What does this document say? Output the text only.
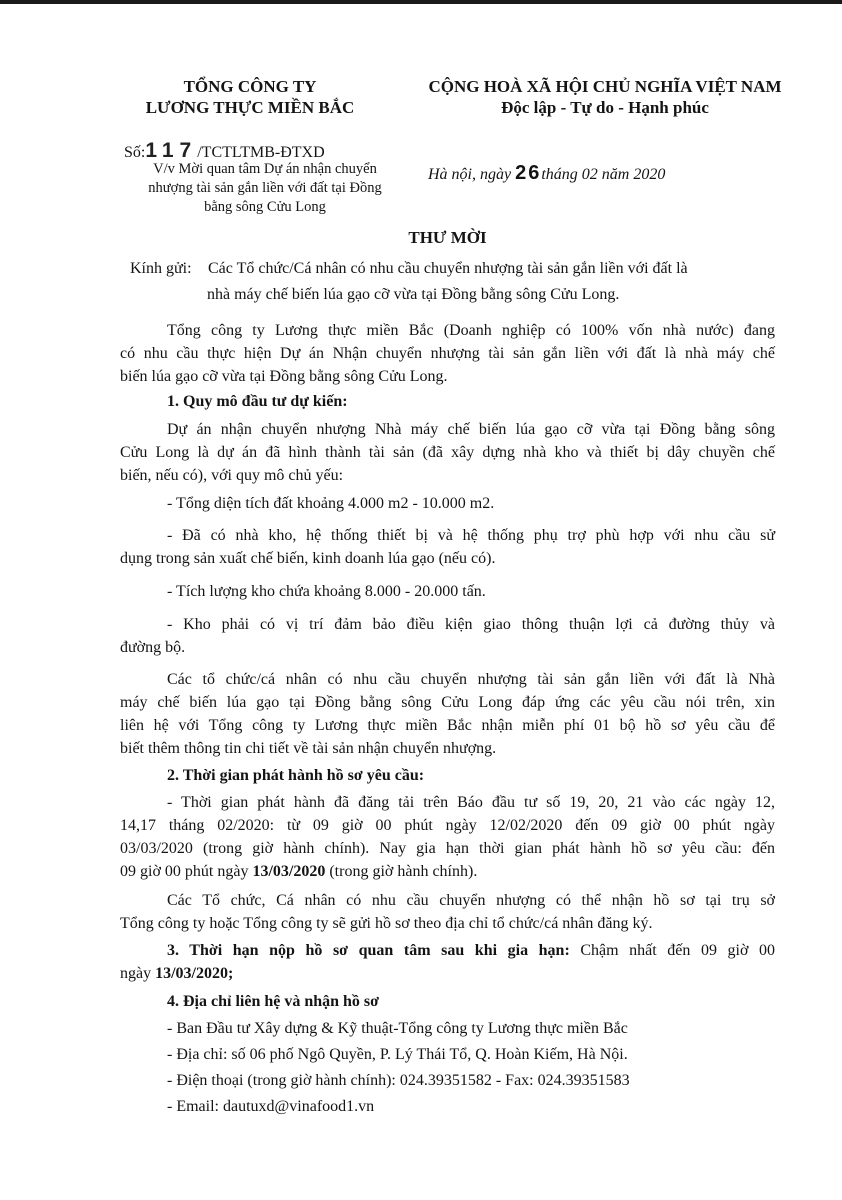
TỔNG CÔNG TY
LƯƠNG THỰC MIỀN BẮC
CỘNG HOÀ XÃ HỘI CHỦ NGHĨA VIỆT NAM
Độc lập - Tự do - Hạnh phúc
Số:117/TCTLTMB-ĐTXD
V/v Mời quan tâm Dự án nhận chuyển
nhượng tài sản gắn liền với đất tại Đồng
bằng sông Cửu Long
Hà nội, ngày 26tháng 02 năm 2020
THƯ MỜI
Kính gửi: Các Tổ chức/Cá nhân có nhu cầu chuyển nhượng tài sản gắn liền với đất là
nhà máy chế biến lúa gạo cỡ vừa tại Đồng bằng sông Cửu Long.
Tổng công ty Lương thực miền Bắc (Doanh nghiệp có 100% vốn nhà nước) đang
có nhu cầu thực hiện Dự án Nhận chuyển nhượng tài sản gắn liền với đất là nhà máy chế
biến lúa gạo cỡ vừa tại Đồng bằng sông Cửu Long.
1. Quy mô đầu tư dự kiến:
Dự án nhận chuyển nhượng Nhà máy chế biến lúa gạo cỡ vừa tại Đồng bằng sông
Cửu Long là dự án đã hình thành tài sản (đã xây dựng nhà kho và thiết bị dây chuyền chế
biến, nếu có), với quy mô chủ yếu:
- Tổng diện tích đất khoảng 4.000 m2 - 10.000 m2.
- Đã có nhà kho, hệ thống thiết bị và hệ thống phụ trợ phù hợp với nhu cầu sử
dụng trong sản xuất chế biến, kinh doanh lúa gạo (nếu có).
- Tích lượng kho chứa khoảng 8.000 - 20.000 tấn.
- Kho phải có vị trí đảm bảo điều kiện giao thông thuận lợi cả đường thủy và
đường bộ.
Các tổ chức/cá nhân có nhu cầu chuyển nhượng tài sản gắn liền với đất là Nhà
máy chế biến lúa gạo tại Đồng bằng sông Cửu Long đáp ứng các yêu cầu nói trên, xin
liên hệ với Tổng công ty Lương thực miền Bắc nhận miễn phí 01 bộ hồ sơ yêu cầu để
biết thêm thông tin chi tiết về tài sản nhận chuyển nhượng.
2. Thời gian phát hành hồ sơ yêu cầu:
- Thời gian phát hành đã đăng tải trên Báo đầu tư số 19, 20, 21 vào các ngày 12,
14,17 tháng 02/2020: từ 09 giờ 00 phút ngày 12/02/2020 đến 09 giờ 00 phút ngày
03/03/2020 (trong giờ hành chính). Nay gia hạn thời gian phát hành hồ sơ yêu cầu: đến
09 giờ 00 phút ngày 13/03/2020 (trong giờ hành chính).
Các Tổ chức, Cá nhân có nhu cầu chuyển nhượng có thể nhận hồ sơ tại trụ sở
Tổng công ty hoặc Tổng công ty sẽ gửi hồ sơ theo địa chỉ tổ chức/cá nhân đăng ký.
3. Thời hạn nộp hồ sơ quan tâm sau khi gia hạn: Chậm nhất đến 09 giờ 00
ngày 13/03/2020;
4. Địa chỉ liên hệ và nhận hồ sơ
- Ban Đầu tư Xây dựng & Kỹ thuật-Tổng công ty Lương thực miền Bắc
- Địa chỉ: số 06 phố Ngô Quyền, P. Lý Thái Tổ, Q. Hoàn Kiếm, Hà Nội.
- Điện thoại (trong giờ hành chính): 024.39351582 - Fax: 024.39351583
- Email: dautuxd@vinafood1.vn
